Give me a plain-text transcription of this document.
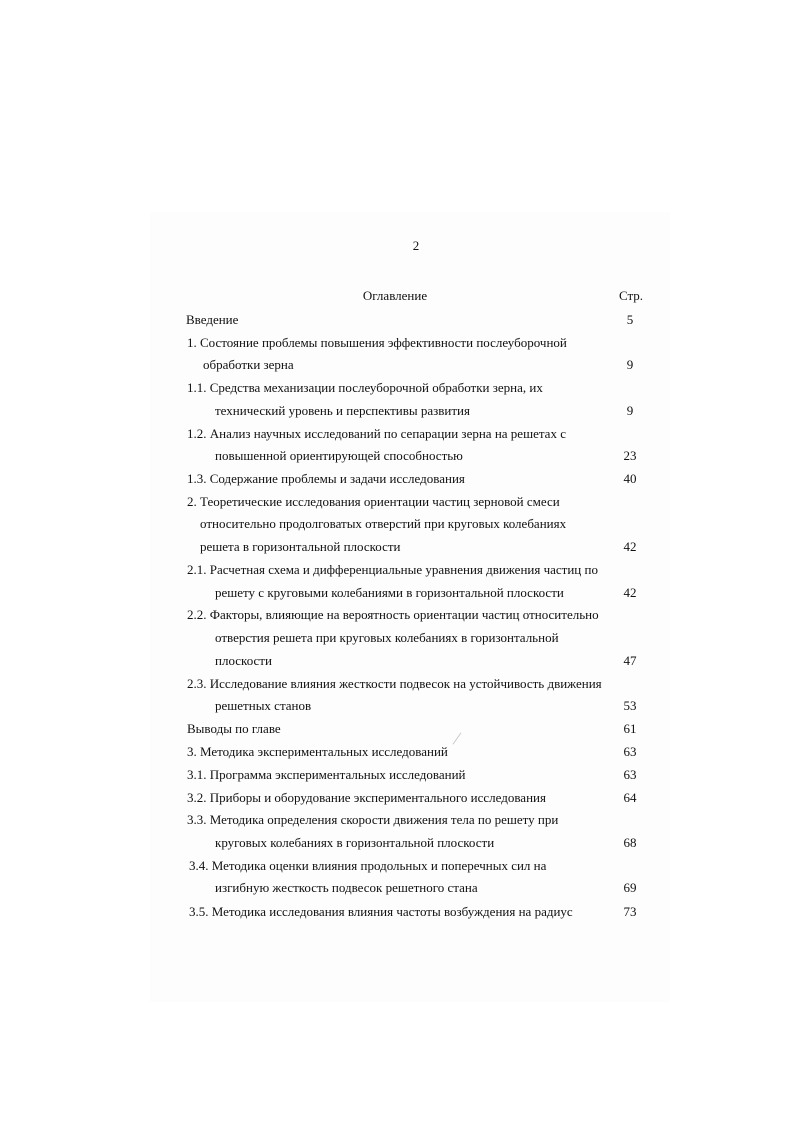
2
Оглавление	Стр.
Введение
1. Состояние проблемы повышения эффективности послеуборочной
обработки зерна
1.1. Средства механизации послеуборочной обработки зерна, их
технический уровень и перспективы развития
1.2. Анализ научных исследований по сепарации зерна на решетах с
повышенной ориентирующей способностью
1.3. Содержание проблемы и задачи исследования
2. Теоретические исследования ориентации частиц зерновой смеси
относительно продолговатых отверстий при круговых колебаниях
решета в горизонтальной плоскости
2.1. Расчетная схема и дифференциальные уравнения движения частиц по
решету с круговыми колебаниями в горизонтальной плоскости
2.2. Факторы, влияющие на вероятность ориентации частиц относительно
отверстия решета при круговых колебаниях в горизонтальной
плоскости
2.3. Исследование влияния жесткости подвесок на устойчивость движения
решетных станов
Выводы по главе
3. Методика экспериментальных исследований
3.1. Программа экспериментальных исследований
3.2. Приборы и оборудование экспериментального исследования
3.3. Методика определения скорости движения тела по решету при
круговых колебаниях в горизонтальной плоскости
3.4. Методика оценки влияния продольных и поперечных сил на
изгибную жесткость подвесок решетного стана
3.5. Методика исследования влияния частоты возбуждения на радиус
5
9
9
23
40
42
42
47
53
61
63
63
64
68
69
73
